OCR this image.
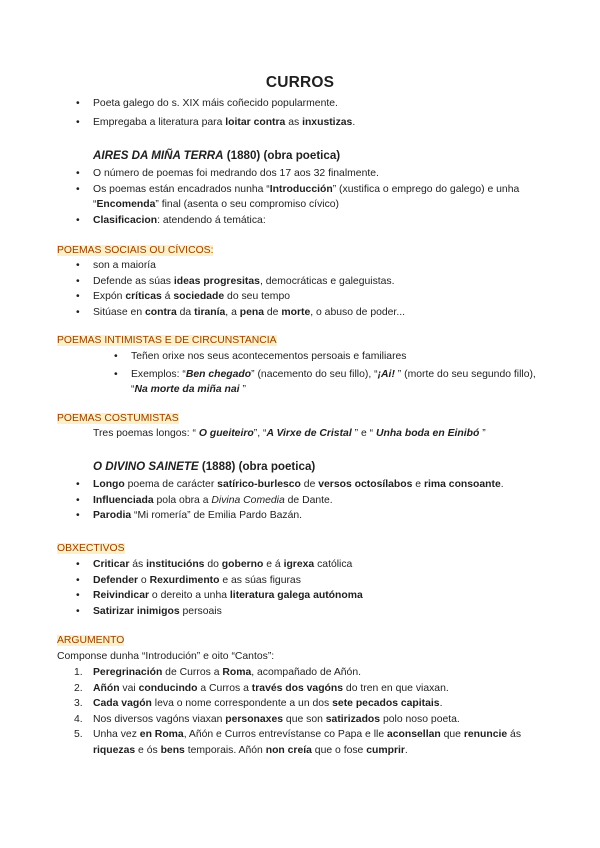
CURROS
• Poeta galego do s. XIX máis coñecido popularmente.
• Empregaba a literatura para loitar contra as inxustizas.
AIRES DA MIÑA TERRA (1880) (obra poetica)
• O número de poemas foi medrando dos 17 aos 32 finalmente.
• Os poemas están encadrados nunha “Introducción” (xustifica o emprego do galego) e unha “Encomenda” final (asenta o seu compromiso cívico)
• Clasificacion: atendendo á temática:
POEMAS SOCIAIS OU CÍVICOS:
• son a maioría
• Defende as súas ideas progresitas, democráticas e galeguistas.
• Expón críticas á sociedade do seu tempo
• Sitúase en contra da tiranía, a pena de morte, o abuso de poder...
POEMAS INTIMISTAS E DE CIRCUNSTANCIA
• Teñen orixe nos seus acontecementos persoais e familiares
• Exemplos: “Ben chegado” (nacemento do seu fillo), “¡Ai! ” (morte do seu segundo fillo),
“Na morte da miña nai ”
POEMAS COSTUMISTAS
Tres poemas longos: “ O gueiteiro”, “A Virxe de Cristal ” e “ Unha boda en Einibó ”
O DIVINO SAINETE (1888) (obra poetica)
• Longo poema de carácter satírico-burlesco de versos octosílabos e rima consoante.
• Influenciada pola obra a Divina Comedia de Dante.
• Parodia “Mi romería” de Emilia Pardo Bazán.
OBXECTIVOS
• Criticar ás institucións do goberno e á igrexa católica
• Defender o Rexurdimento e as súas figuras
• Reivindicar o dereito a unha literatura galega autónoma
• Satirizar inimigos persoais
ARGUMENTO
Componse dunha “Introdución” e oito “Cantos”:
1. Peregrinación de Curros a Roma, acompañado de Añón.
2. Añón vai conducindo a Curros a través dos vagóns do tren en que viaxan.
3. Cada vagón leva o nome correspondente a un dos sete pecados capitais.
4. Nos diversos vagóns viaxan personaxes que son satirizados polo noso poeta.
5. Unha vez en Roma, Añón e Curros entrevístanse co Papa e lle aconsellan que renuncie ás riquezas e ós bens temporais. Añón non creía que o fose cumprir.
